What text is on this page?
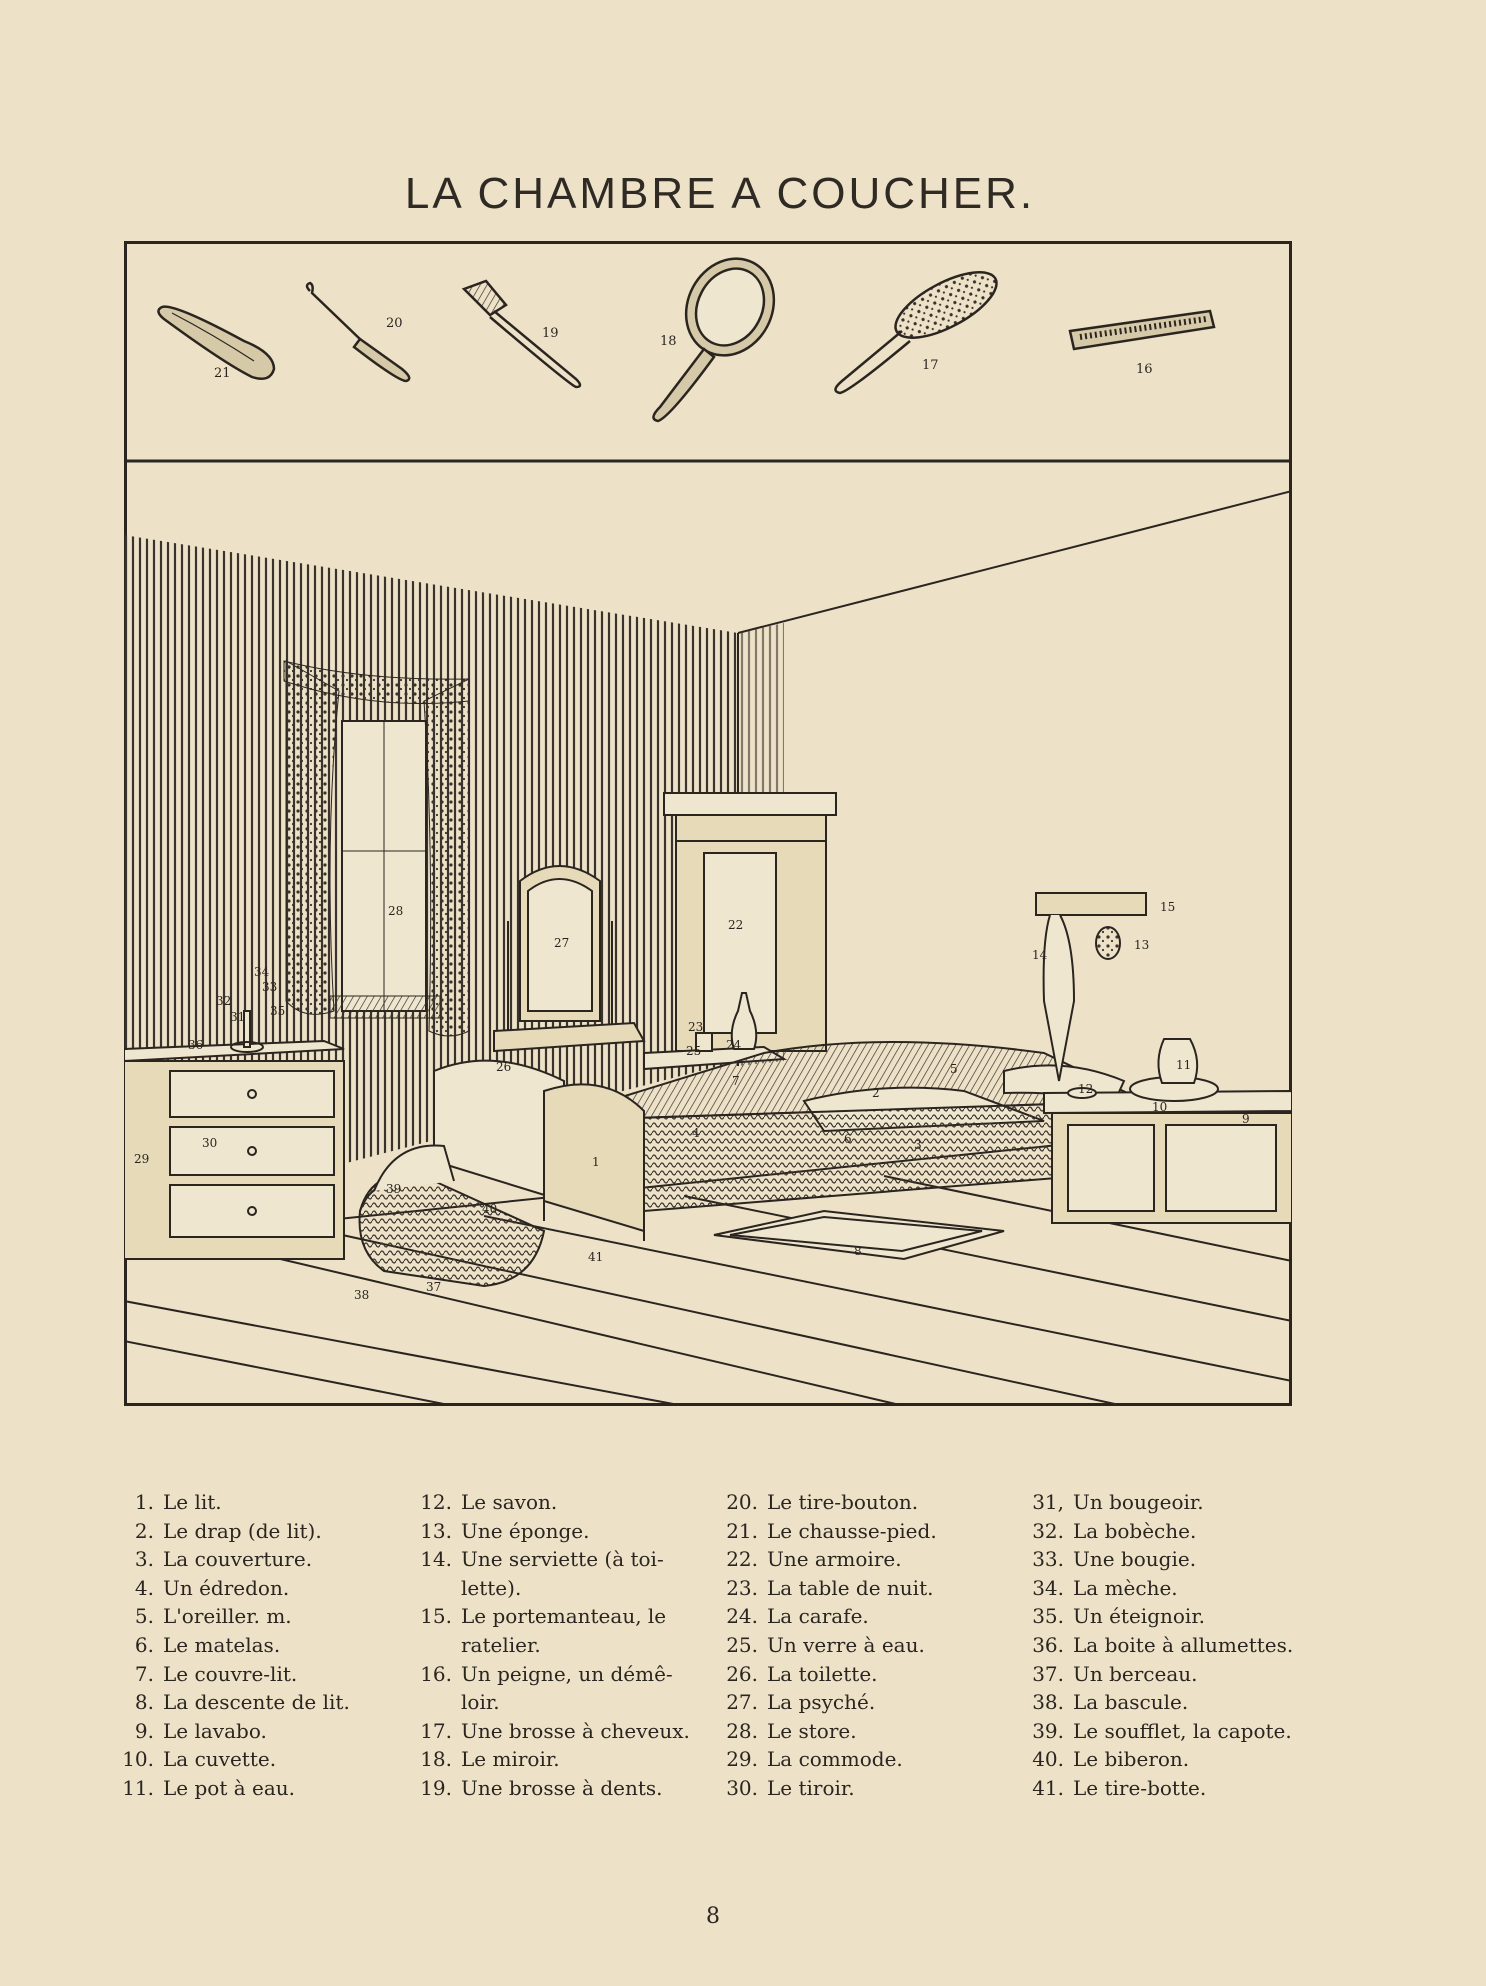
LA CHAMBRE A COUCHER.
21
20
19
18
17	16
1
2
3
4
5
6
7
8
9
10
11
12
13
14
15
22
23
24
25
26
27
28
29
30
31
32
33
34
35
36
37
38
39
40
41
1. Le lit.
2. Le drap (de lit).
3. La couverture.
4. Un édredon.
5. L'oreiller. m.
6. Le matelas.
7. Le couvre-lit.
8. La descente de lit.
9. Le lavabo.
10. La cuvette.
11. Le pot à eau.
12. Le savon.
13. Une éponge.
14. Une serviette (à toi-lette).
15. Le portemanteau, le ratelier.
16. Un peigne, un démê-loir.
17. Une brosse à cheveux.
18. Le miroir.
19. Une brosse à dents.
20. Le tire-bouton.
21. Le chausse-pied.
22. Une armoire.
23. La table de nuit.
24. La carafe.
25. Un verre à eau.
26. La toilette.
27. La psyché.
28. Le store.
29. La commode.
30. Le tiroir.
31, Un bougeoir.
32. La bobèche.
33. Une bougie.
34. La mèche.
35. Un éteignoir.
36. La boite à allumettes.
37. Un berceau.
38. La bascule.
39. Le soufflet, la capote.
40. Le biberon.
41. Le tire-botte.
8
